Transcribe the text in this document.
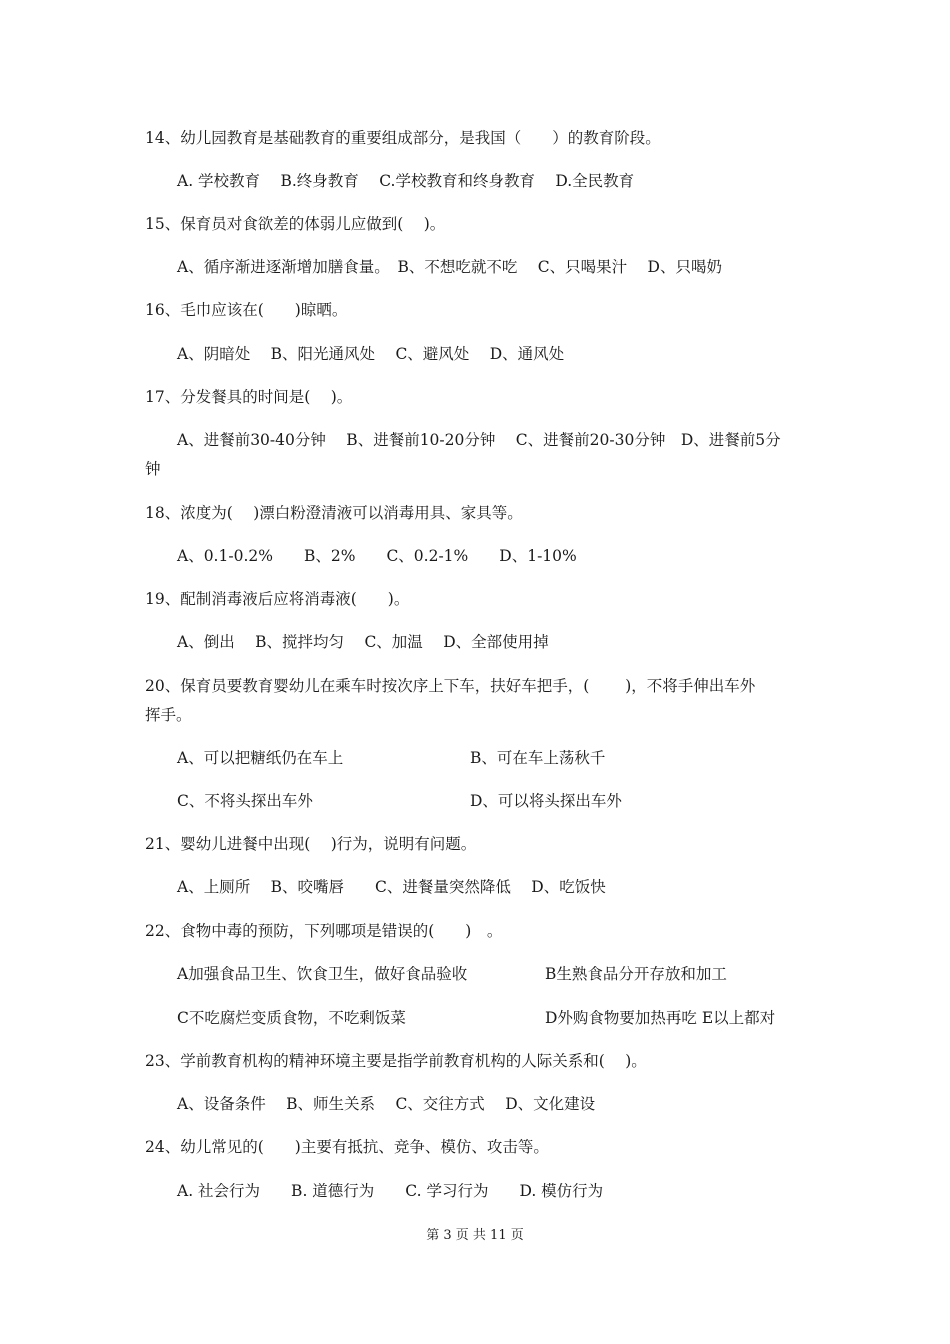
14、幼儿园教育是基础教育的重要组成部分，是我国（　　）的教育阶段。
A. 学校教育　 B.终身教育　 C.学校教育和终身教育　 D.全民教育
15、保育员对食欲差的体弱儿应做到(　 )。
A、循序渐进逐渐增加膳食量。　B、不想吃就不吃　 C、只喝果汁　 D、只喝奶
16、毛巾应该在(　　)晾晒。
A、阴暗处　 B、阳光通风处　 C、避风处　 D、通风处
17、分发餐具的时间是(　 )。
A、进餐前30-40分钟　 B、进餐前10-20分钟　 C、进餐前20-30分钟　D、进餐前5分
钟
18、浓度为(　 )漂白粉澄清液可以消毒用具、家具等。
A、0.1-0.2%　　B、2%　　C、0.2-1%　　D、1-10%
19、配制消毒液后应将消毒液(　　)。
A、倒出　 B、搅拌均匀　 C、加温　 D、全部使用掉
20、保育员要教育婴幼儿在乘车时按次序上下车，扶好车把手，(　　 )，不将手伸出车外
挥手。
A、可以把糖纸仍在车上	B、可在车上荡秋千
C、不将头探出车外	D、可以将头探出车外
21、婴幼儿进餐中出现(　 )行为，说明有问题。
A、上厕所　 B、咬嘴唇　　C、进餐量突然降低　 D、吃饭快
22、食物中毒的预防，下列哪项是错误的(　　)　。
A加强食品卫生、饮食卫生，做好食品验收	B生熟食品分开存放和加工
C不吃腐烂变质食物，不吃剩饭菜	D外购食物要加热再吃 E以上都对
23、学前教育机构的精神环境主要是指学前教育机构的人际关系和(　 )。
A、设备条件　 B、师生关系　 C、交往方式　 D、文化建设
24、幼儿常见的(　　)主要有抵抗、竞争、模仿、攻击等。
A. 社会行为　　B. 道德行为　　C. 学习行为　　D. 模仿行为
第 3 页 共 11 页
